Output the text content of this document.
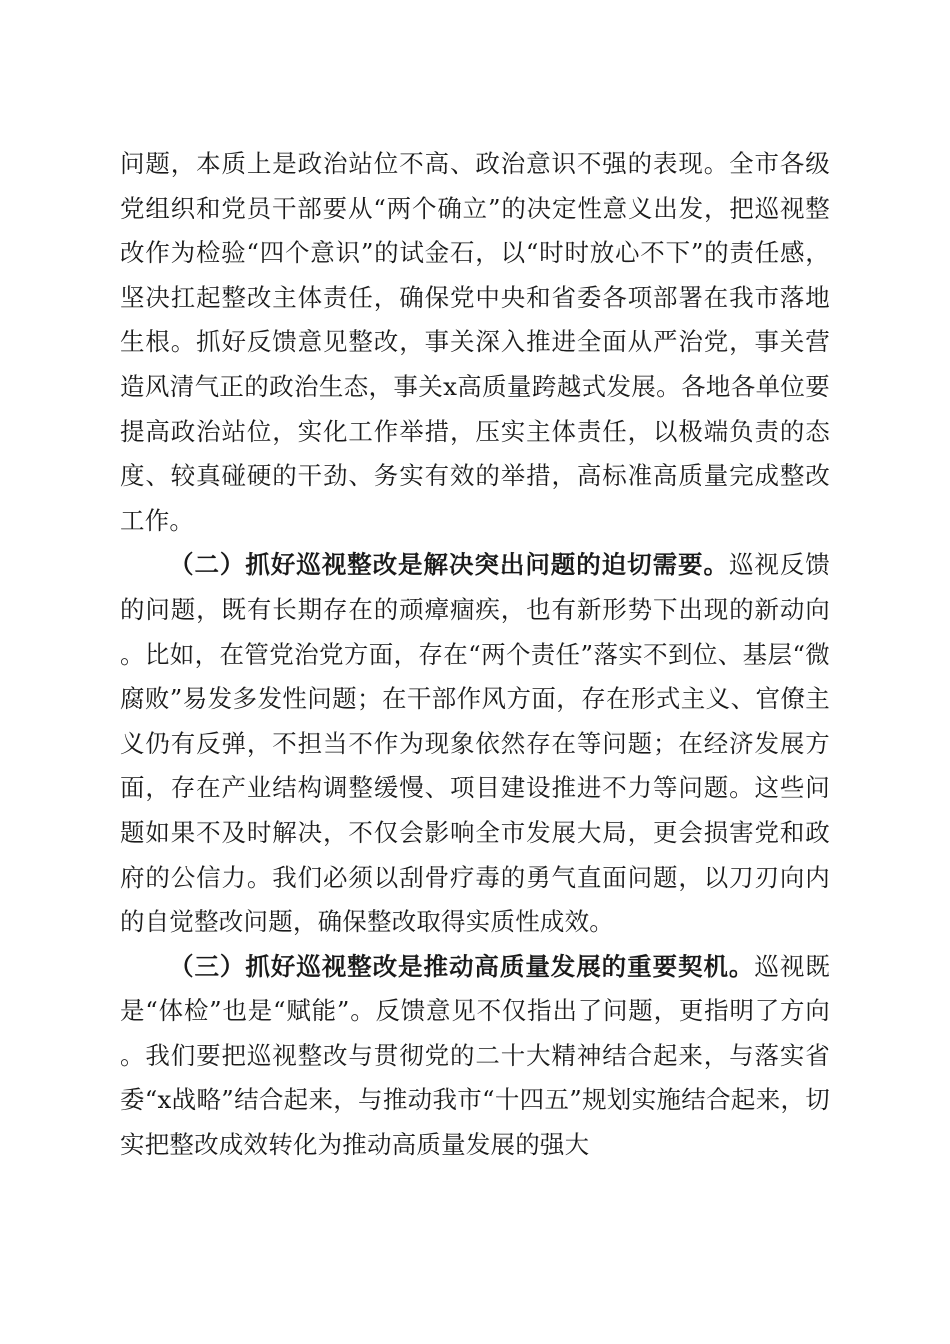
问题，本质上是政治站位不高、政治意识不强的表现。全市各级党组织和党员干部要从“两个确立”的决定性意义出发，把巡视整改作为检验“四个意识”的试金石，以“时时放心不下”的责任感，坚决扛起整改主体责任，确保党中央和省委各项部署在我市落地生根。抓好反馈意见整改，事关深入推进全面从严治党，事关营造风清气正的政治生态，事关x高质量跨越式发展。各地各单位要提高政治站位，实化工作举措，压实主体责任，以极端负责的态度、较真碰硬的干劲、务实有效的举措，高标准高质量完成整改工作。

（二）抓好巡视整改是解决突出问题的迫切需要。巡视反馈的问题，既有长期存在的顽瘴痼疾，也有新形势下出现的新动向。比如，在管党治党方面，存在“两个责任”落实不到位、基层“微腐败”易发多发性问题；在干部作风方面，存在形式主义、官僚主义仍有反弹，不担当不作为现象依然存在等问题；在经济发展方面，存在产业结构调整缓慢、项目建设推进不力等问题。这些问题如果不及时解决，不仅会影响全市发展大局，更会损害党和政府的公信力。我们必须以刮骨疗毒的勇气直面问题，以刀刃向内的自觉整改问题，确保整改取得实质性成效。

（三）抓好巡视整改是推动高质量发展的重要契机。巡视既是“体检”也是“赋能”。反馈意见不仅指出了问题，更指明了方向。我们要把巡视整改与贯彻党的二十大精神结合起来，与落实省委“x战略”结合起来，与推动我市“十四五”规划实施结合起来，切实把整改成效转化为推动高质量发展的强大
